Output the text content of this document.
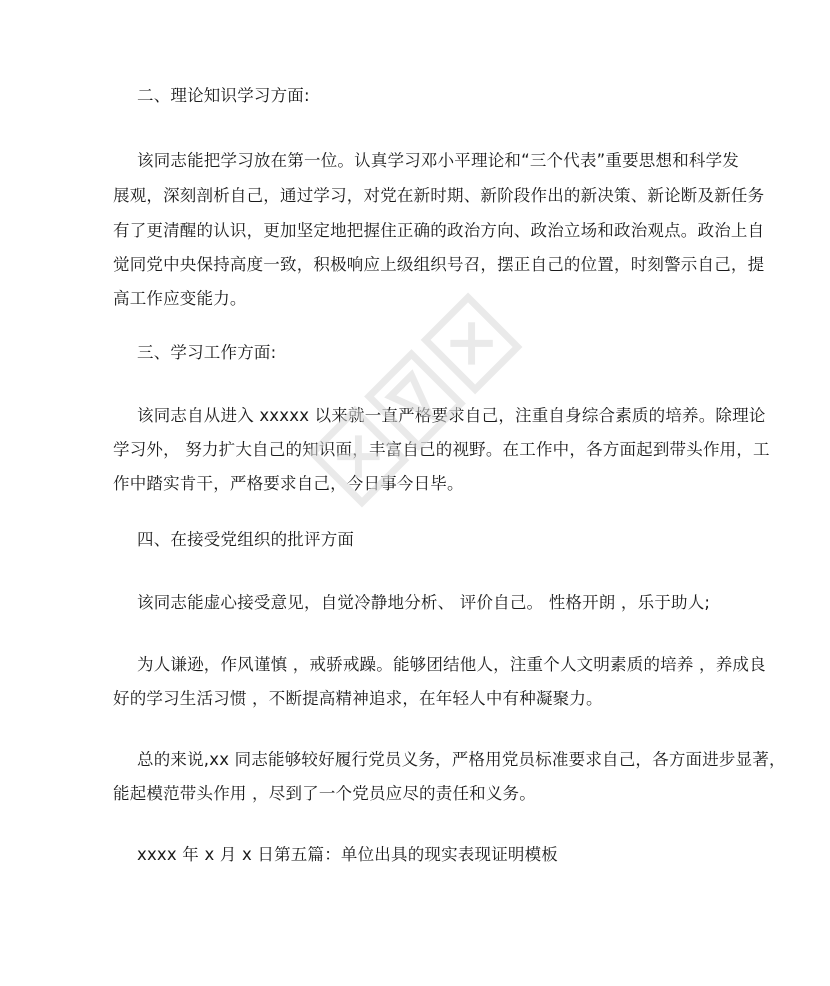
二、理论知识学习方面:
该同志能把学习放在第一位。认真学习邓小平理论和“三个代表”重要思想和科学发
展观，深刻剖析自己，通过学习，对党在新时期、新阶段作出的新决策、新论断及新任务
有了更清醒的认识，更加坚定地把握住正确的政治方向、政治立场和政治观点。政治上自
觉同党中央保持高度一致，积极响应上级组织号召，摆正自己的位置，时刻警示自己，提
高工作应变能力。
三、学习工作方面:
该同志自从进入 xxxxx 以来就一直严格要求自己，注重自身综合素质的培养。除理论
学习外， 努力扩大自己的知识面，丰富自己的视野。在工作中，各方面起到带头作用，工
作中踏实肯干，严格要求自己，今日事今日毕。
四、在接受党组织的批评方面
该同志能虚心接受意见，自觉冷静地分析、 评价自己。 性格开朗 ，乐于助人;
为人谦逊，作风谨慎 ，戒骄戒躁。能够团结他人，注重个人文明素质的培养 ，养成良
好的学习生活习惯 ，不断提高精神追求，在年轻人中有种凝聚力。
总的来说,xx 同志能够较好履行党员义务，严格用党员标准要求自己，各方面进步显著，
能起模范带头作用 ，尽到了一个党员应尽的责任和义务。
xxxx 年 x 月 x 日第五篇：单位出具的现实表现证明模板
